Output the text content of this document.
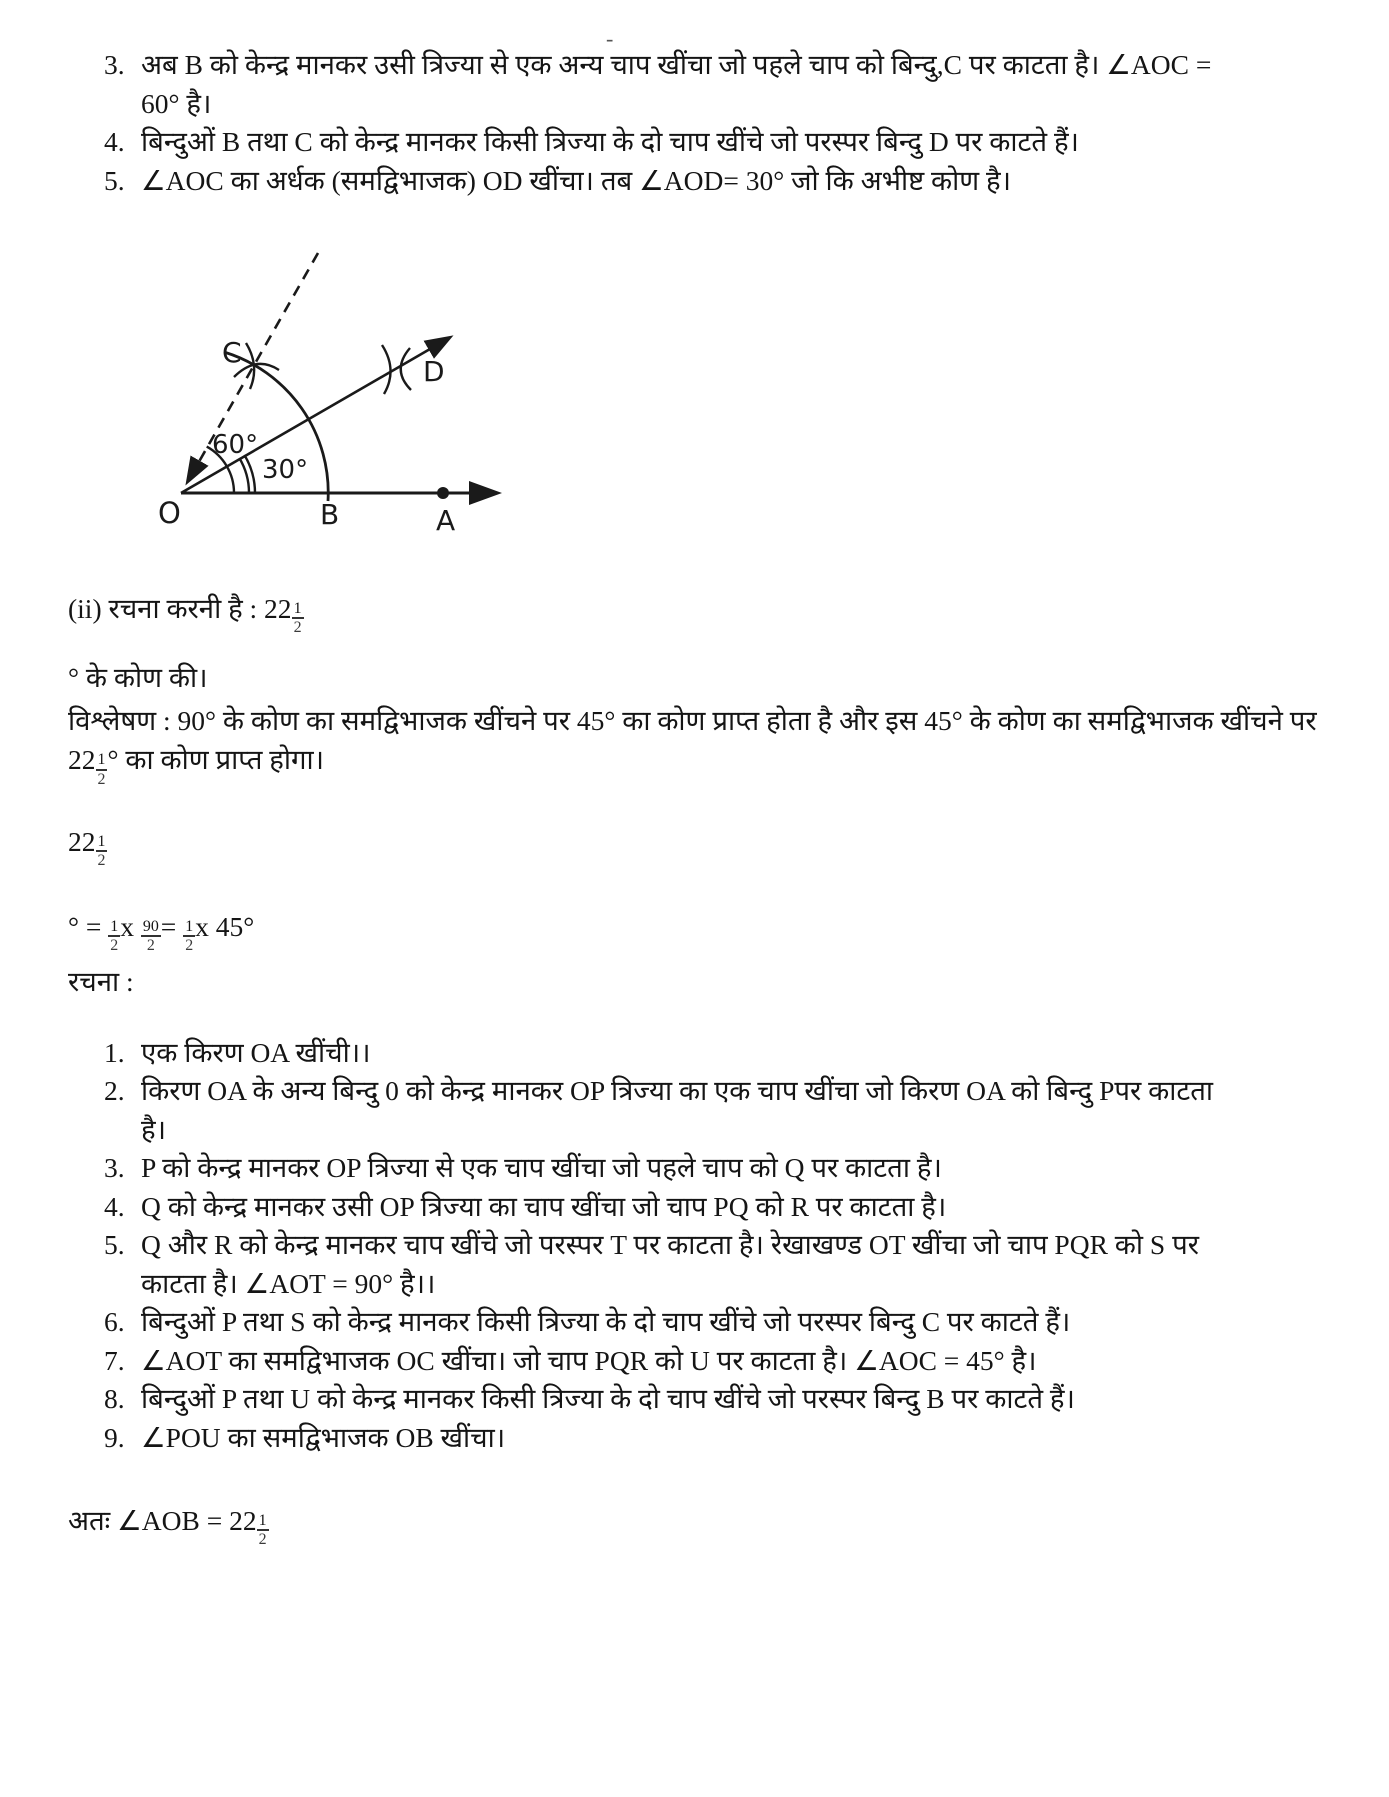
-
3. अब B को केन्द्र मानकर उसी त्रिज्या से एक अन्य चाप खींचा जो पहले चाप को बिन्दु,C पर काटता है। ∠AOC = 60° है।
4. बिन्दुओं B तथा C को केन्द्र मानकर किसी त्रिज्या के दो चाप खींचे जो परस्पर बिन्दु D पर काटते हैं।
5. ∠AOC का अर्धक (समद्विभाजक) OD खींचा। तब ∠AOD= 30° जो कि अभीष्ट कोण है।
O	B	A
C
D
60°
30°
(ii) रचना करनी है : $22 \frac{1}{2}$
° के कोण की।
विश्लेषण : 90° के कोण का समद्विभाजक खींचने पर 45° का कोण प्राप्त होता है और इस 45° के कोण का समद्विभाजक खींचने पर $22 \frac{1}{2}$ ° का कोण प्राप्त होगा।
$22 \frac{1}{2}$
° = $\frac{1}{2}$ x $\frac{90}{2} = \frac{1}{2}$ x 45°
रचना :
1. एक किरण OA खींची।।
2. किरण OA के अन्य बिन्दु 0 को केन्द्र मानकर OP त्रिज्या का एक चाप खींचा जो किरण OA को बिन्दु Pपर काटता है।
3. P को केन्द्र मानकर OP त्रिज्या से एक चाप खींचा जो पहले चाप को Q पर काटता है।
4. Q को केन्द्र मानकर उसी OP त्रिज्या का चाप खींचा जो चाप PQ को R पर काटता है।
5. Q और R को केन्द्र मानकर चाप खींचे जो परस्पर T पर काटता है। रेखाखण्ड OT खींचा जो चाप PQR को S पर काटता है। ∠AOT = 90° है।।
6. बिन्दुओं P तथा S को केन्द्र मानकर किसी त्रिज्या के दो चाप खींचे जो परस्पर बिन्दु C पर काटते हैं।
7. ∠AOT का समद्विभाजक OC खींचा। जो चाप PQR को U पर काटता है। ∠AOC = 45° है।
8. बिन्दुओं P तथा U को केन्द्र मानकर किसी त्रिज्या के दो चाप खींचे जो परस्पर बिन्दु B पर काटते हैं।
9. ∠POU का समद्विभाजक OB खींचा।
अतः ∠AOB = $22 \frac{1}{2}$
